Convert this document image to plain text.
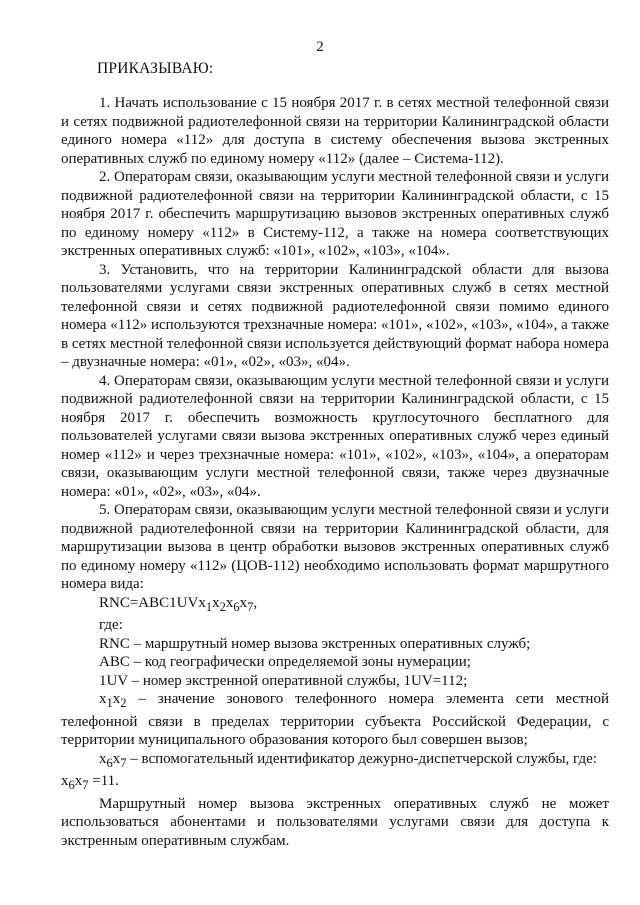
2
ПРИКАЗЫВАЮ:

1. Начать использование с 15 ноября 2017 г. в сетях местной телефонной связи и сетях подвижной радиотелефонной связи на территории Калининградской области единого номера «112» для доступа в систему обеспечения вызова экстренных оперативных служб по единому номеру «112» (далее – Система-112).

2. Операторам связи, оказывающим услуги местной телефонной связи и услуги подвижной радиотелефонной связи на территории Калининградской области, с 15 ноября 2017 г. обеспечить маршрутизацию вызовов экстренных оперативных служб по единому номеру «112» в Систему-112, а также на номера соответствующих экстренных оперативных служб: «101», «102», «103», «104».

3. Установить, что на территории Калининградской области для вызова пользователями услугами связи экстренных оперативных служб в сетях местной телефонной связи и сетях подвижной радиотелефонной связи помимо единого номера «112» используются трехзначные номера: «101», «102», «103», «104», а также в сетях местной телефонной связи используется действующий формат набора номера – двузначные номера: «01», «02», «03», «04».

4. Операторам связи, оказывающим услуги местной телефонной связи и услуги подвижной радиотелефонной связи на территории Калининградской области, с 15 ноября 2017 г. обеспечить возможность круглосуточного бесплатного для пользователей услугами связи вызова экстренных оперативных служб через единый номер «112» и через трехзначные номера: «101», «102», «103», «104», а операторам связи, оказывающим услуги местной телефонной связи, также через двузначные номера: «01», «02», «03», «04».

5. Операторам связи, оказывающим услуги местной телефонной связи и услуги подвижной радиотелефонной связи на территории Калининградской области, для маршрутизации вызова в центр обработки вызовов экстренных оперативных служб по единому номеру «112» (ЦОВ-112) необходимо использовать формат маршрутного номера вида:

$RNC=ABC1UVx_1x_2x_6x_7$,

где:

RNC – маршрутный номер вызова экстренных оперативных служб;

ABC – код географически определяемой зоны нумерации;

1UV – номер экстренной оперативной службы, 1UV=112;

$x_1x_2$ – значение зонового телефонного номера элемента сети местной телефонной связи в пределах территории субъекта Российской Федерации, с территории муниципального образования которого был совершен вызов;

$x_6x_7$ – вспомогательный идентификатор дежурно-диспетчерской службы, где:

$x_6x_7 =11$.

Маршрутный номер вызова экстренных оперативных служб не может использоваться абонентами и пользователями услугами связи для доступа к экстренным оперативным службам.
